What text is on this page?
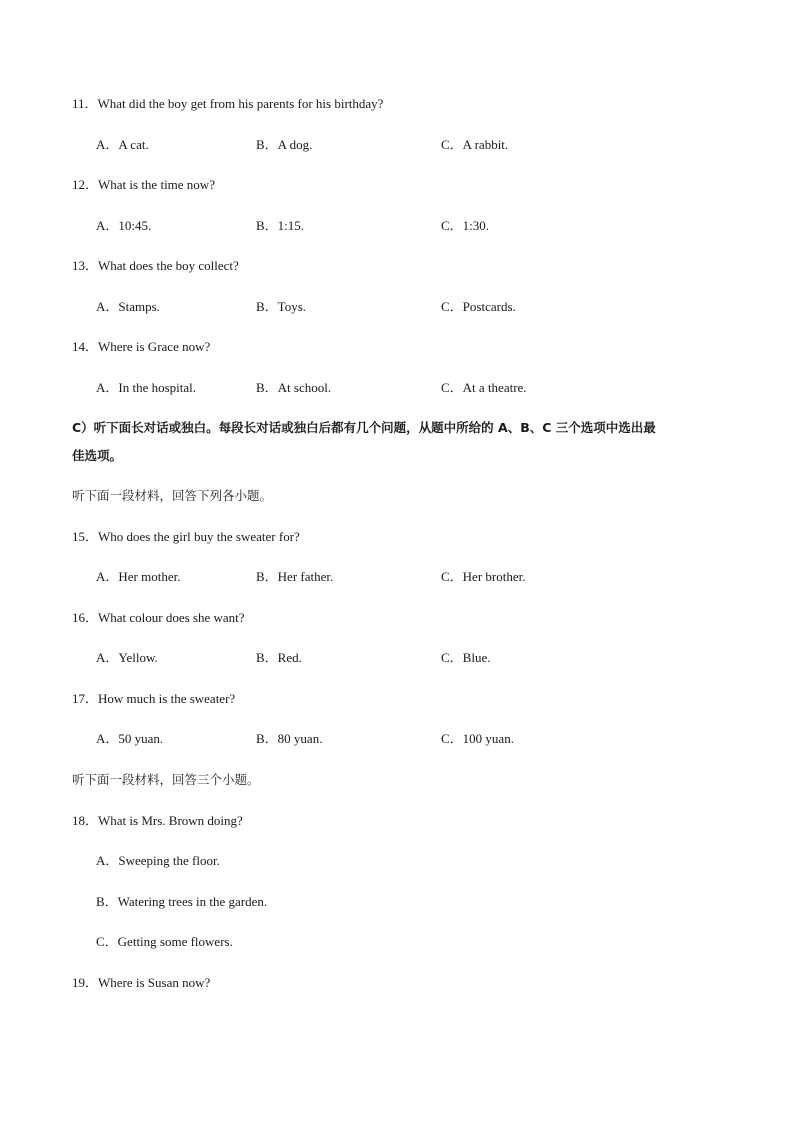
11．What did the boy get from his parents for his birthday?
A．A cat.	B．A dog.	C．A rabbit.
12．What is the time now?
A．10:45.	B．1:15.	C．1:30.
13．What does the boy collect?
A．Stamps.	B．Toys.	C．Postcards.
14．Where is Grace now?
A．In the hospital.	B．At school.	C．At a theatre.
C）听下面长对话或独白。每段长对话或独白后都有几个问题，从题中所给的 A、B、C 三个选项中选出最
佳选项。
听下面一段材料，回答下列各小题。
15．Who does the girl buy the sweater for?
A．Her mother.	B．Her father.	C．Her brother.
16．What colour does she want?
A．Yellow.	B．Red.	C．Blue.
17．How much is the sweater?
A．50 yuan.	B．80 yuan.	C．100 yuan.
听下面一段材料，回答三个小题。
18．What is Mrs. Brown doing?
A．Sweeping the floor.
B．Watering trees in the garden.
C．Getting some flowers.
19．Where is Susan now?
